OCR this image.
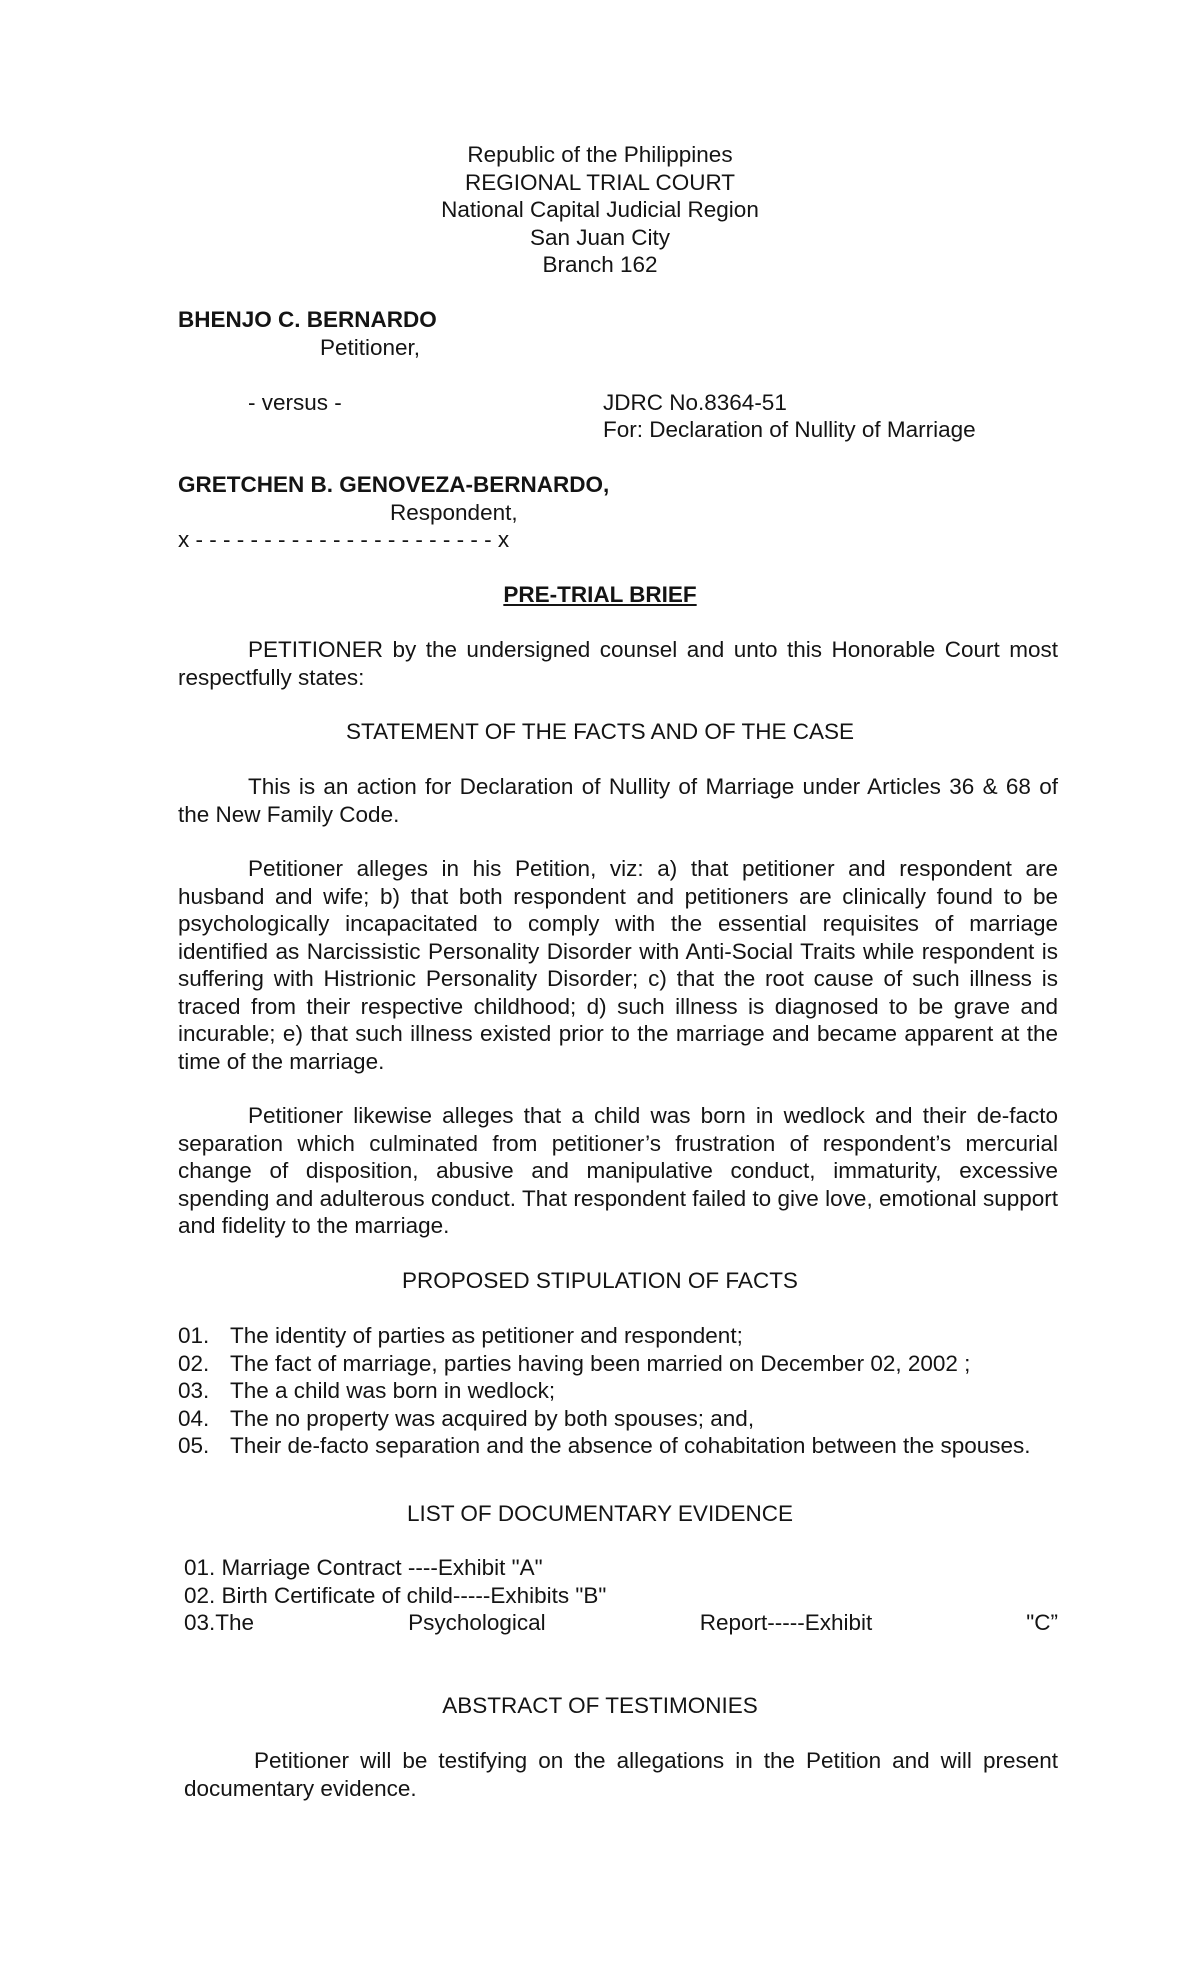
Republic of the Philippines
REGIONAL TRIAL COURT
National Capital Judicial Region
San Juan City
Branch 162
BHENJO C. BERNARDO
Petitioner,
- versus -	JDRC No.8364-51
For: Declaration of Nullity of Marriage
GRETCHEN B. GENOVEZA-BERNARDO,
Respondent,
x - - - - - - - - - - - - - - - - - - - - - - x
PRE-TRIAL BRIEF

PETITIONER by the undersigned counsel and unto this Honorable Court most respectfully states:

STATEMENT OF THE FACTS AND OF THE CASE

This is an action for Declaration of Nullity of Marriage under Articles 36 & 68 of the New Family Code.

Petitioner alleges in his Petition, viz: a) that petitioner and respondent are husband and wife; b) that both respondent and petitioners are clinically found to be psychologically incapacitated to comply with the essential requisites of marriage identified as Narcissistic Personality Disorder with Anti-Social Traits while respondent is suffering with Histrionic Personality Disorder; c) that the root cause of such illness is traced from their respective childhood; d) such illness is diagnosed to be grave and incurable; e) that such illness existed prior to the marriage and became apparent at the time of the marriage.

Petitioner likewise alleges that a child was born in wedlock and their de-facto separation which culminated from petitioner’s frustration of respondent’s mercurial change of disposition, abusive and manipulative conduct, immaturity, excessive spending and adulterous conduct. That respondent failed to give love, emotional support and fidelity to the marriage.

PROPOSED STIPULATION OF FACTS
01. The identity of parties as petitioner and respondent;
02. The fact of marriage, parties having been married on December 02, 2002 ;
03. The a child was born in wedlock;
04. The no property was acquired by both spouses; and,
05. Their de-facto separation and the absence of cohabitation between the spouses.
LIST OF DOCUMENTARY EVIDENCE
01. Marriage Contract ----Exhibit "A"
02. Birth Certificate of child-----Exhibits "B"
03.The	Psychological	Report-----Exhibit	"C”
ABSTRACT OF TESTIMONIES

Petitioner will be testifying on the allegations in the Petition and will present documentary evidence.
